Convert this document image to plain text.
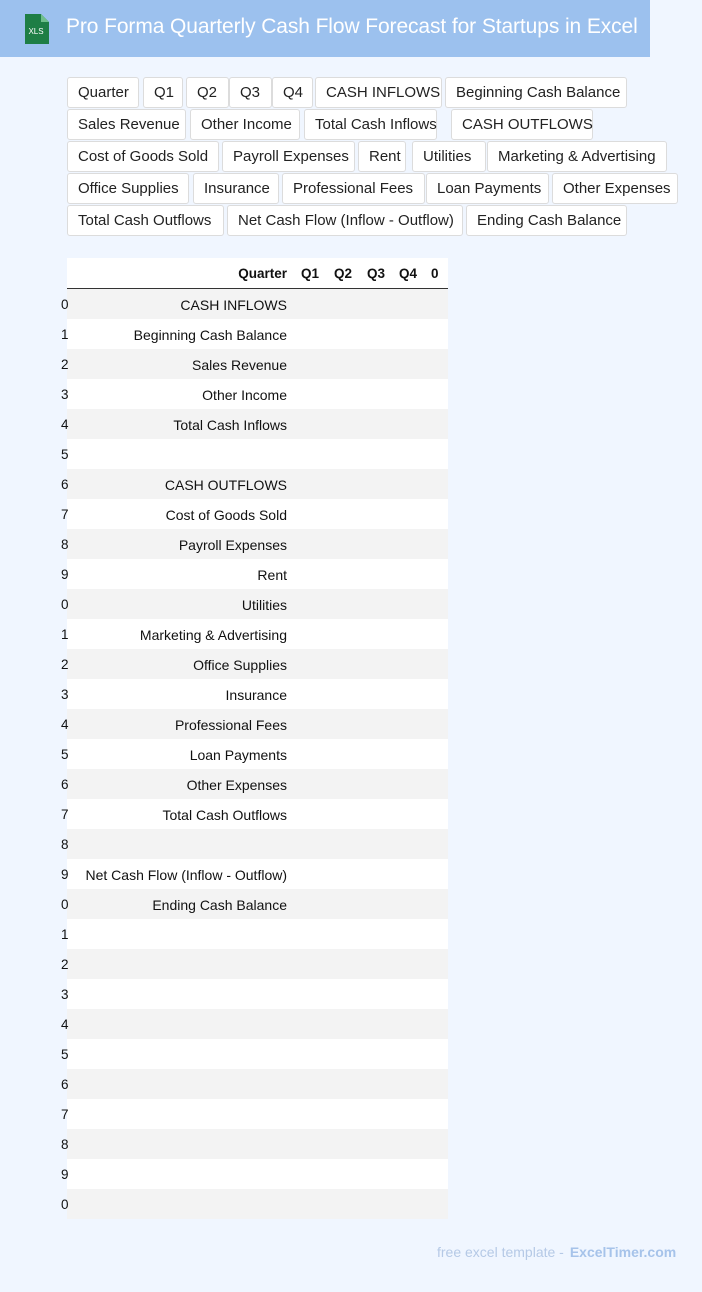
XLS Pro Forma Quarterly Cash Flow Forecast for Startups in Excel
Quarter	Q1	Q2	Q3	Q4	CASH INFLOWS	Beginning Cash Balance
Sales Revenue	Other Income	Total Cash Inflows	CASH OUTFLOWS
Cost of Goods Sold	Payroll Expenses	Rent	Utilities	Marketing & Advertising
Office Supplies	Insurance	Professional Fees	Loan Payments	Other Expenses
Total Cash Outflows	Net Cash Flow (Inflow - Outflow)	Ending Cash Balance
Quarter Q1 Q2 Q3 Q4 0
0	CASH INFLOWS
1	Beginning Cash Balance
2	Sales Revenue
3	Other Income
4	Total Cash Inflows
5
6	CASH OUTFLOWS
7	Cost of Goods Sold
8	Payroll Expenses
9	Rent
0	Utilities
1	Marketing & Advertising
2	Office Supplies
3	Insurance
4	Professional Fees
5	Loan Payments
6	Other Expenses
7	Total Cash Outflows
8
9 Net Cash Flow (Inflow - Outflow)
0	Ending Cash Balance
1
2
3
4
5
6
7
8
9
0
free excel template - ExcelTimer.com
